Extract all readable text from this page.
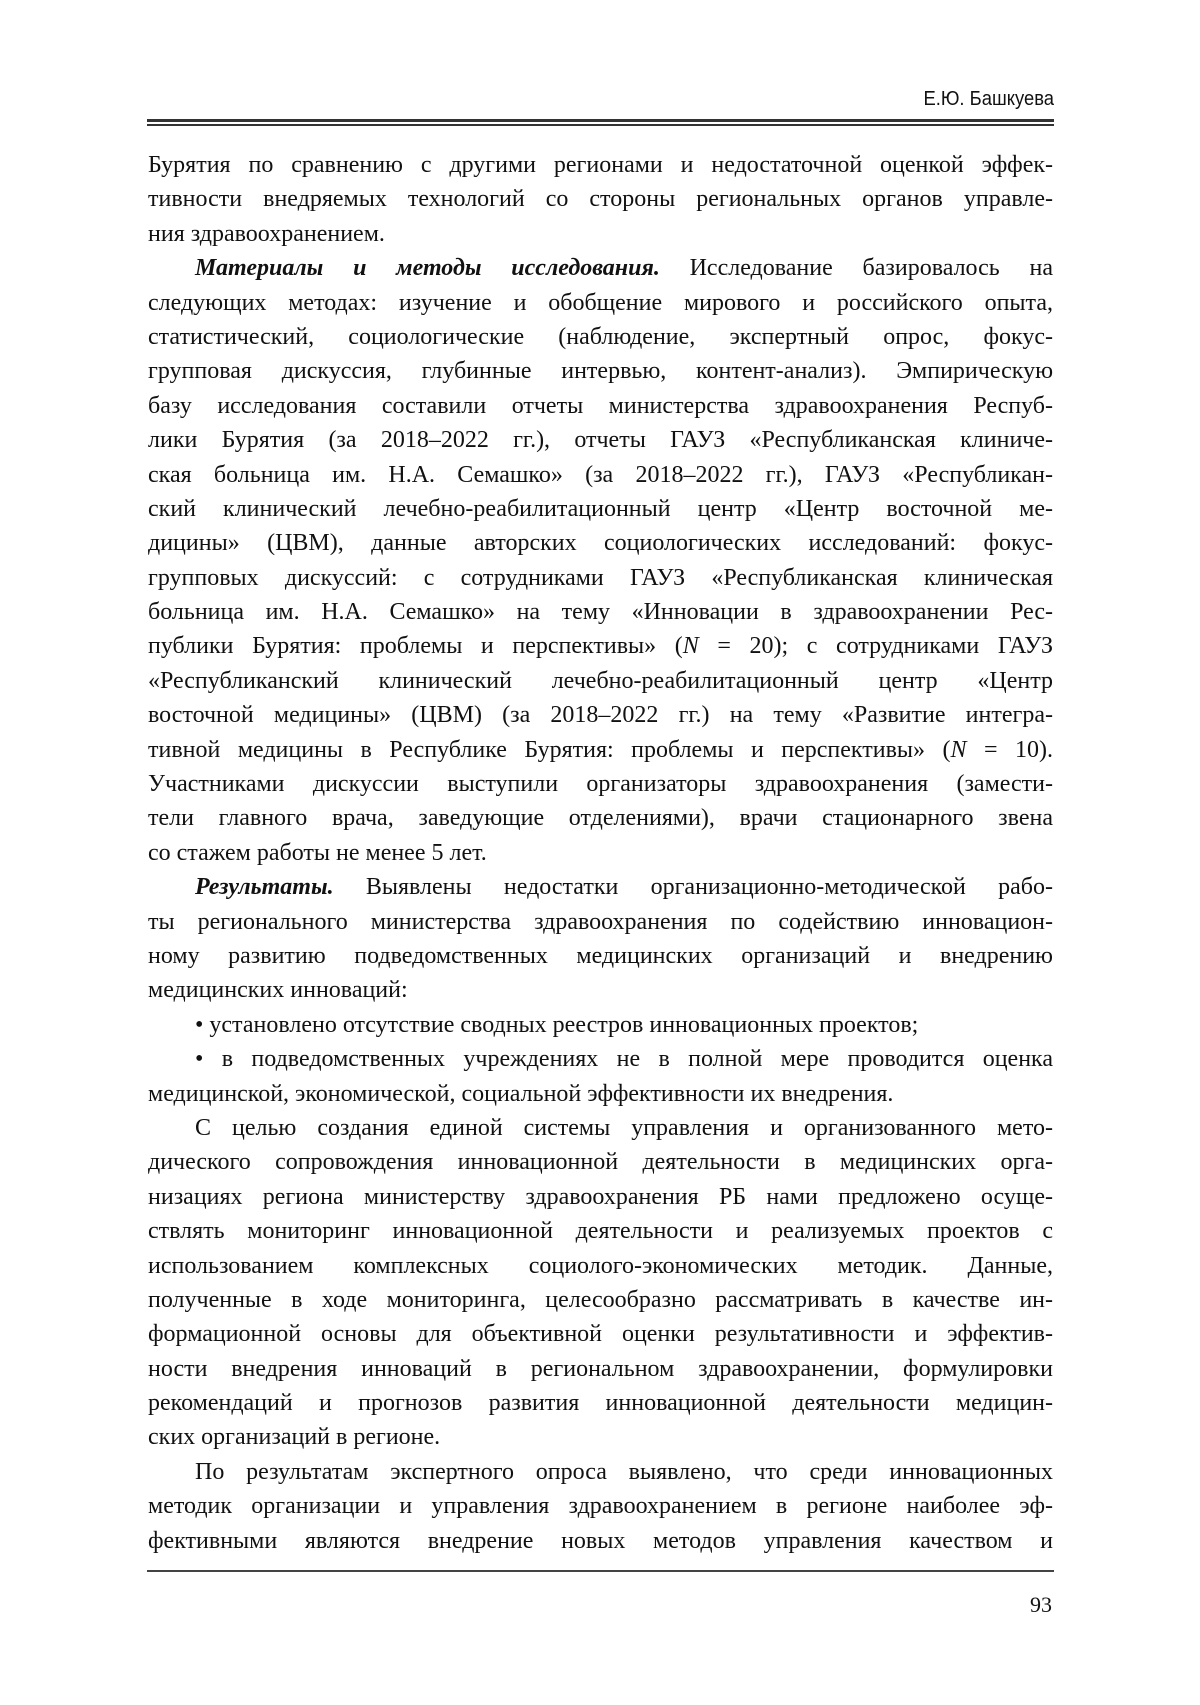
Е.Ю. Башкуева
Бурятия по сравнению с другими регионами и недостаточной оценкой эффек-
тивности внедряемых технологий со стороны региональных органов управле-
ния здравоохранением.
Материалы и методы исследования. Исследование базировалось на
следующих методах: изучение и обобщение мирового и российского опыта,
статистический, социологические (наблюдение, экспертный опрос, фокус-
групповая дискуссия, глубинные интервью, контент-анализ). Эмпирическую
базу исследования составили отчеты министерства здравоохранения Респуб-
лики Бурятия (за 2018–2022 гг.), отчеты ГАУЗ «Республиканская клиниче-
ская больница им. Н.А. Семашко» (за 2018–2022 гг.), ГАУЗ «Республикан-
ский клинический лечебно-реабилитационный центр «Центр восточной ме-
дицины» (ЦВМ), данные авторских социологических исследований: фокус-
групповых дискуссий: с сотрудниками ГАУЗ «Республиканская клиническая
больница им. Н.А. Семашко» на тему «Инновации в здравоохранении Рес-
публики Бурятия: проблемы и перспективы» (N = 20); с сотрудниками ГАУЗ
«Республиканский клинический лечебно-реабилитационный центр «Центр
восточной медицины» (ЦВМ) (за 2018–2022 гг.) на тему «Развитие интегра-
тивной медицины в Республике Бурятия: проблемы и перспективы» (N = 10).
Участниками дискуссии выступили организаторы здравоохранения (замести-
тели главного врача, заведующие отделениями), врачи стационарного звена
со стажем работы не менее 5 лет.
Результаты. Выявлены недостатки организационно-методической рабо-
ты регионального министерства здравоохранения по содействию инновацион-
ному развитию подведомственных медицинских организаций и внедрению
медицинских инноваций:
• установлено отсутствие сводных реестров инновационных проектов;
• в подведомственных учреждениях не в полной мере проводится оценка
медицинской, экономической, социальной эффективности их внедрения.
С целью создания единой системы управления и организованного мето-
дического сопровождения инновационной деятельности в медицинских орга-
низациях региона министерству здравоохранения РБ нами предложено осуще-
ствлять мониторинг инновационной деятельности и реализуемых проектов с
использованием комплексных социолого-экономических методик. Данные,
полученные в ходе мониторинга, целесообразно рассматривать в качестве ин-
формационной основы для объективной оценки результативности и эффектив-
ности внедрения инноваций в региональном здравоохранении, формулировки
рекомендаций и прогнозов развития инновационной деятельности медицин-
ских организаций в регионе.
По результатам экспертного опроса выявлено, что среди инновационных
методик организации и управления здравоохранением в регионе наиболее эф-
фективными являются внедрение новых методов управления качеством и
93
